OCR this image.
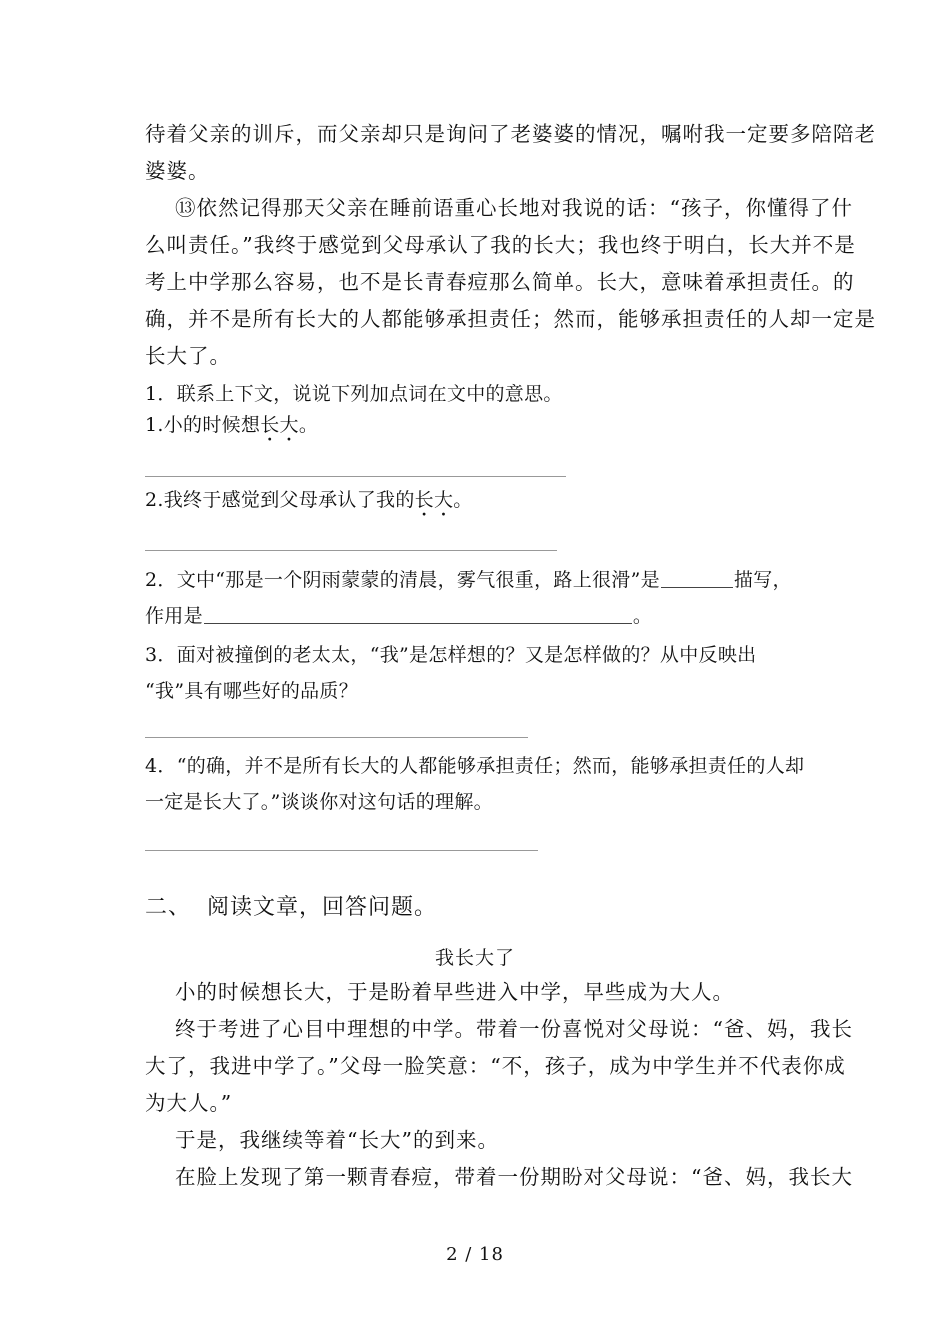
待着父亲的训斥，而父亲却只是询问了老婆婆的情况，嘱咐我一定要多陪陪老
婆婆。
⑬依然记得那天父亲在睡前语重心长地对我说的话：“孩子，你懂得了什
么叫责任。”我终于感觉到父母承认了我的长大；我也终于明白，长大并不是
考上中学那么容易，也不是长青春痘那么简单。长大，意味着承担责任。的
确，并不是所有长大的人都能够承担责任；然而，能够承担责任的人却一定是
长大了。
1．联系上下文，说说下列加点词在文中的意思。
1.小的时候想长大。
2.我终于感觉到父母承认了我的长大。
2．文中“那是一个阴雨蒙蒙的清晨，雾气很重，路上很滑”是	描写，
作用是	。
3．面对被撞倒的老太太，“我”是怎样想的？又是怎样做的？从中反映出
“我”具有哪些好的品质？
4．“的确，并不是所有长大的人都能够承担责任；然而，能够承担责任的人却
一定是长大了。”谈谈你对这句话的理解。
二、  阅读文章，回答问题。
我长大了
小的时候想长大，于是盼着早些进入中学，早些成为大人。
终于考进了心目中理想的中学。带着一份喜悦对父母说：“爸、妈，我长
大了，我进中学了。”父母一脸笑意：“不，孩子，成为中学生并不代表你成
为大人。”
于是，我继续等着“长大”的到来。
在脸上发现了第一颗青春痘，带着一份期盼对父母说：“爸、妈，我长大
2 / 18
